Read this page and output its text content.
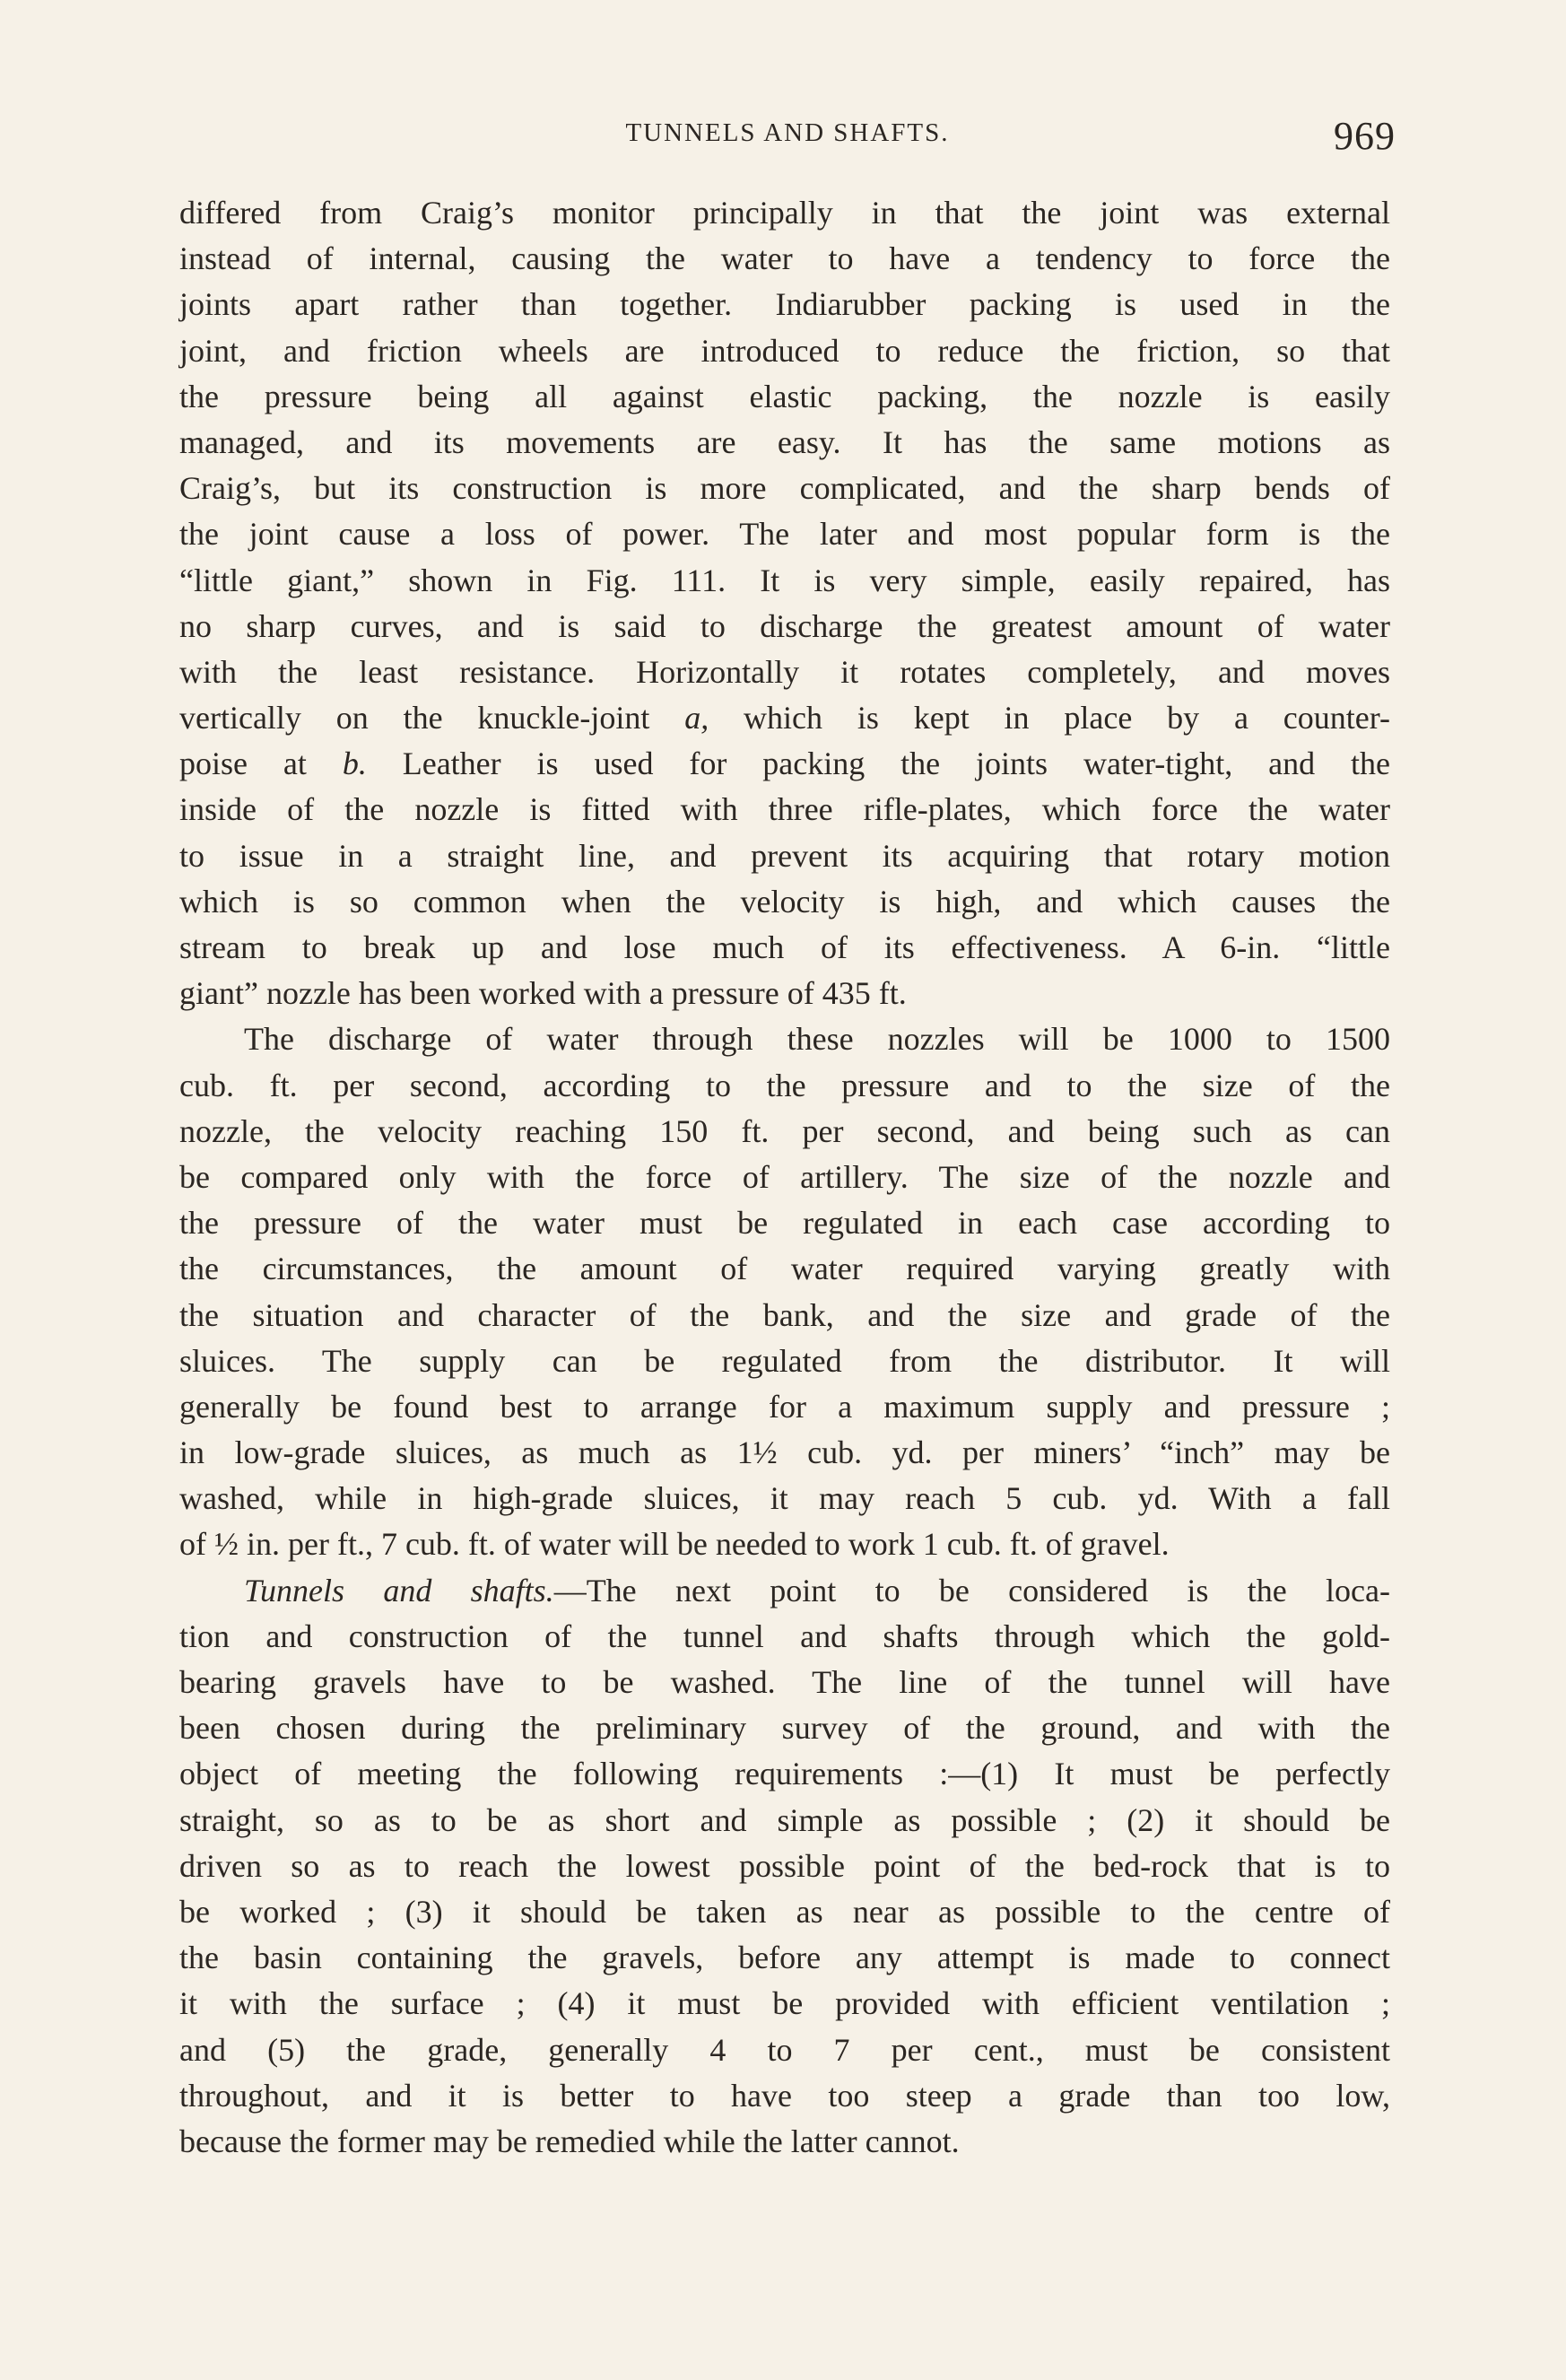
TUNNELS AND SHAFTS.	969
differed from Craig’s monitor principally in that the joint was external
instead of internal, causing the water to have a tendency to force the
joints apart rather than together. Indiarubber packing is used in the
joint, and friction wheels are introduced to reduce the friction, so that
the pressure being all against elastic packing, the nozzle is easily
managed, and its movements are easy. It has the same motions as
Craig’s, but its construction is more complicated, and the sharp bends of
the joint cause a loss of power. The later and most popular form is the
“little giant,” shown in Fig. 111. It is very simple, easily repaired, has
no sharp curves, and is said to discharge the greatest amount of water
with the least resistance. Horizontally it rotates completely, and moves
vertically on the knuckle-joint a, which is kept in place by a counter-
poise at b. Leather is used for packing the joints water-tight, and the
inside of the nozzle is fitted with three rifle-plates, which force the water
to issue in a straight line, and prevent its acquiring that rotary motion
which is so common when the velocity is high, and which causes the
stream to break up and lose much of its effectiveness. A 6-in. “little
giant” nozzle has been worked with a pressure of 435 ft.
The discharge of water through these nozzles will be 1000 to 1500
cub. ft. per second, according to the pressure and to the size of the
nozzle, the velocity reaching 150 ft. per second, and being such as can
be compared only with the force of artillery. The size of the nozzle and
the pressure of the water must be regulated in each case according to
the circumstances, the amount of water required varying greatly with
the situation and character of the bank, and the size and grade of the
sluices. The supply can be regulated from the distributor. It will
generally be found best to arrange for a maximum supply and pressure ;
in low-grade sluices, as much as 1½ cub. yd. per miners’ “inch” may be
washed, while in high-grade sluices, it may reach 5 cub. yd. With a fall
of ½ in. per ft., 7 cub. ft. of water will be needed to work 1 cub. ft. of gravel.
Tunnels and shafts.—The next point to be considered is the loca-
tion and construction of the tunnel and shafts through which the gold-
bearing gravels have to be washed. The line of the tunnel will have
been chosen during the preliminary survey of the ground, and with the
object of meeting the following requirements :—(1) It must be perfectly
straight, so as to be as short and simple as possible ; (2) it should be
driven so as to reach the lowest possible point of the bed-rock that is to
be worked ; (3) it should be taken as near as possible to the centre of
the basin containing the gravels, before any attempt is made to connect
it with the surface ; (4) it must be provided with efficient ventilation ;
and (5) the grade, generally 4 to 7 per cent., must be consistent
throughout, and it is better to have too steep a grade than too low,
because the former may be remedied while the latter cannot.
